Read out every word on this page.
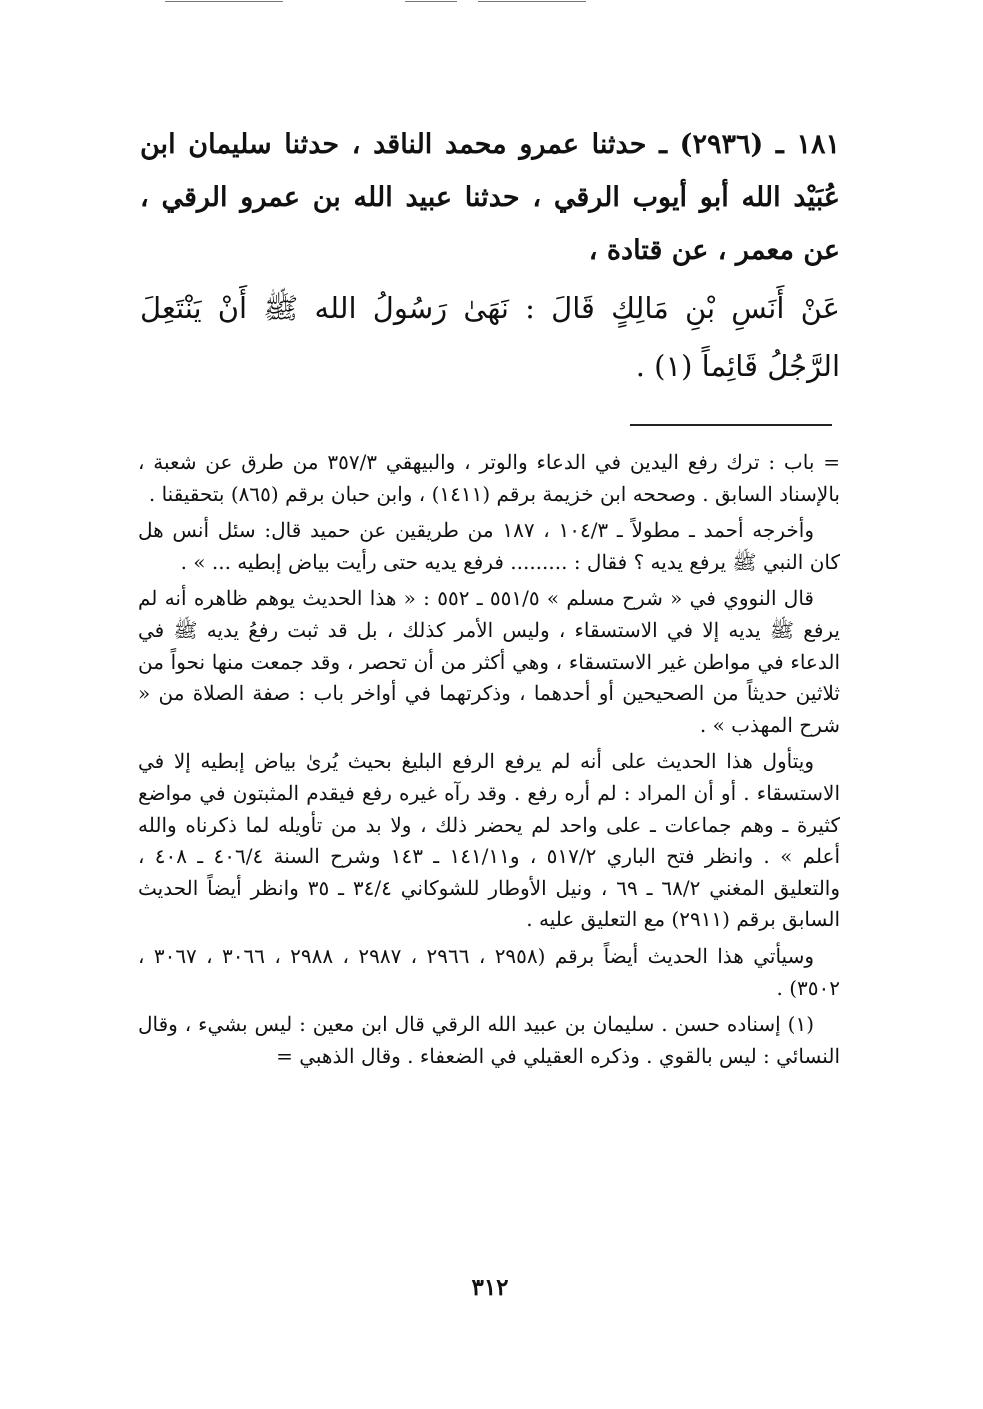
١٨١ ـ (٢٩٣٦) ـ حدثنا عمرو محمد الناقد ، حدثنا سليمان ابن عُبَيْد الله أبو أيوب الرقي ، حدثنا عبيد الله بن عمرو الرقي ، عن معمر ، عن قتادة ،

عَنْ أَنَسِ بْنِ مَالِكٍ قَالَ : نَهَىٰ رَسُولُ الله ﷺ أَنْ يَنْتَعِلَ الرَّجُلُ قَائِماً (١) .

= باب : ترك رفع اليدين في الدعاء والوتر ، والبيهقي ٣٥٧/٣ من طرق عن شعبة ، بالإسناد السابق . وصححه ابن خزيمة برقم (١٤١١) ، وابن حبان برقم (٨٦٥) بتحقيقنا .

وأخرجه أحمد ـ مطولاً ـ ١٠٤/٣ ، ١٨٧ من طريقين عن حميد قال: سئل أنس هل كان النبي ﷺ يرفع يديه ؟ فقال : ......... فرفع يديه حتى رأيت بياض إبطيه ... » .

قال النووي في « شرح مسلم » ٥٥١/٥ ـ ٥٥٢ : « هذا الحديث يوهم ظاهره أنه لم يرفع ﷺ يديه إلا في الاستسقاء ، وليس الأمر كذلك ، بل قد ثبت رفعُ يديه ﷺ في الدعاء في مواطن غير الاستسقاء ، وهي أكثر من أن تحصر ، وقد جمعت منها نحواً من ثلاثين حديثاً من الصحيحين أو أحدهما ، وذكرتهما في أواخر باب : صفة الصلاة من « شرح المهذب » .

ويتأول هذا الحديث على أنه لم يرفع الرفع البليغ بحيث يُرىٰ بياض إبطيه إلا في الاستسقاء . أو أن المراد : لم أره رفع . وقد رآه غيره رفع فيقدم المثبتون في مواضع كثيرة ـ وهم جماعات ـ على واحد لم يحضر ذلك ، ولا بد من تأويله لما ذكرناه والله أعلم » . وانظر فتح الباري ٥١٧/٢ ، و١٤١/١١ ـ ١٤٣ وشرح السنة ٤٠٦/٤ ـ ٤٠٨ ، والتعليق المغني ٦٨/٢ ـ ٦٩ ، ونيل الأوطار للشوكاني ٣٤/٤ ـ ٣٥ وانظر أيضاً الحديث السابق برقم (٢٩١١) مع التعليق عليه .

وسيأتي هذا الحديث أيضاً برقم (٢٩٥٨ ، ٢٩٦٦ ، ٢٩٨٧ ، ٢٩٨٨ ، ٣٠٦٦ ، ٣٠٦٧ ، ٣٥٠٢) .

(١) إسناده حسن . سليمان بن عبيد الله الرقي قال ابن معين : ليس بشيء ، وقال النسائي : ليس بالقوي . وذكره العقيلي في الضعفاء . وقال الذهبي =

٣١٢
